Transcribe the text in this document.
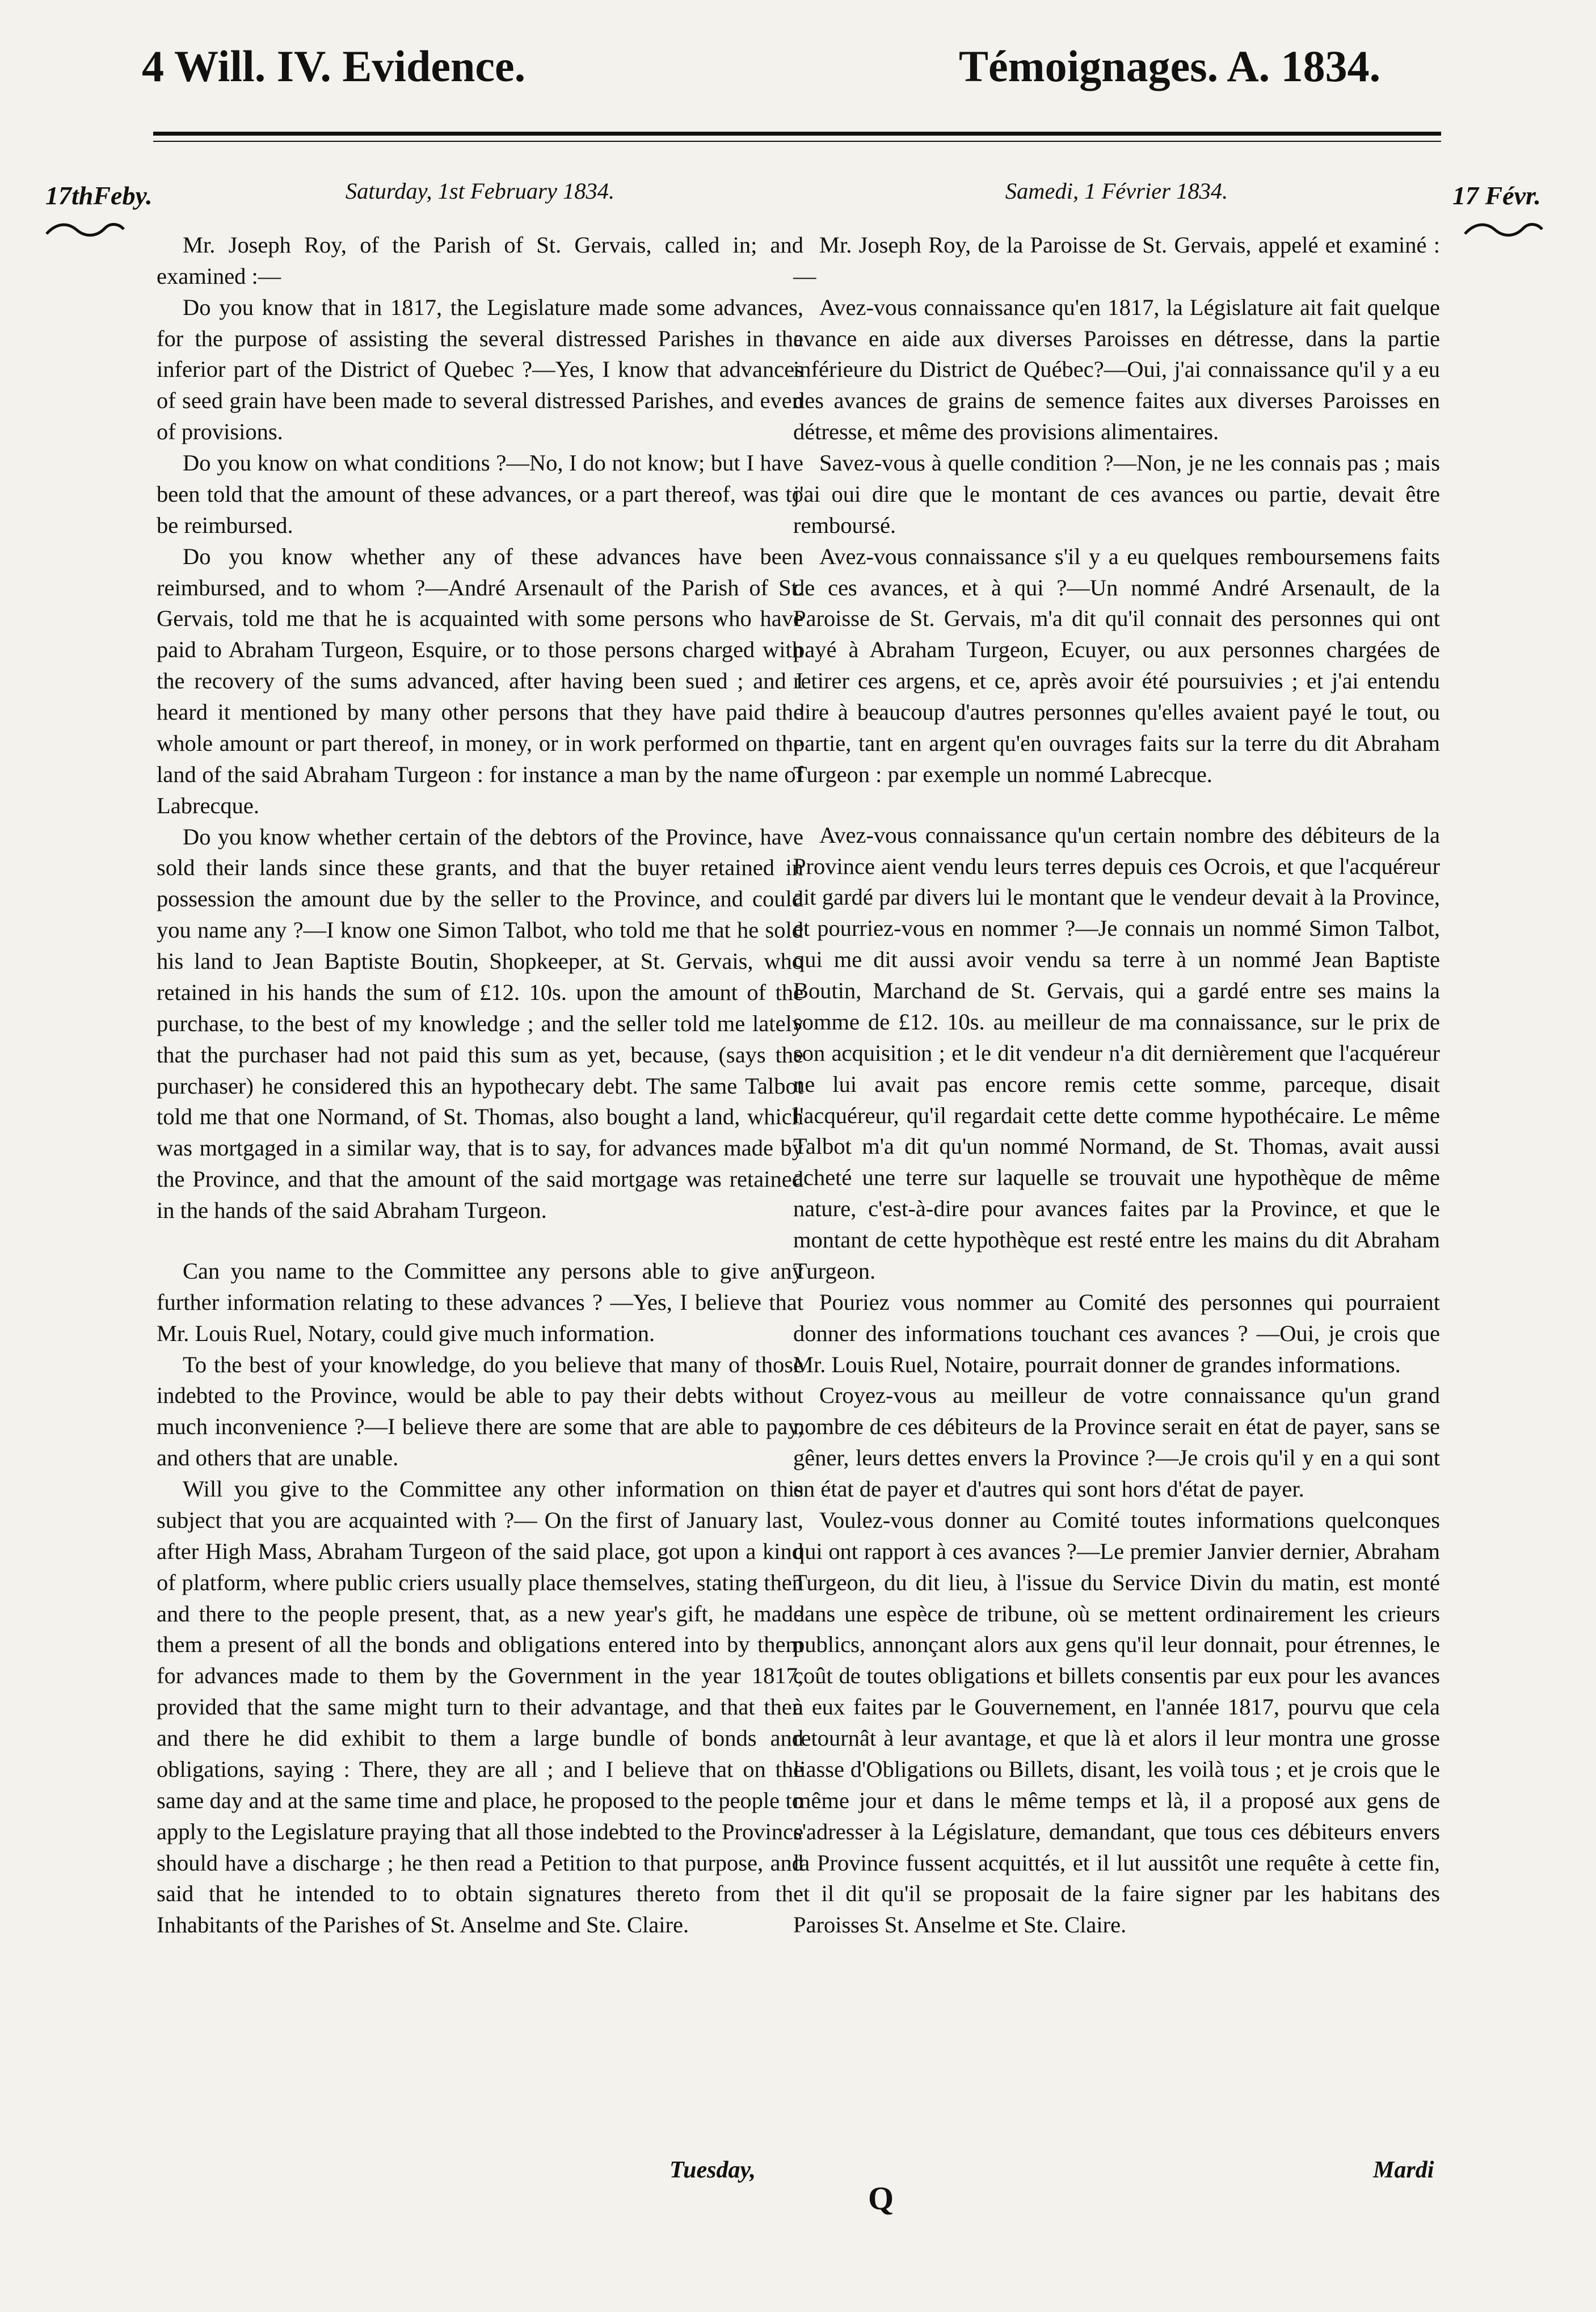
4 Will. IV. Evidence.	Témoignages. A. 1834.
17thFeby.	17 Févr.

Saturday, 1st February 1834.

Mr. Joseph Roy, of the Parish of St. Gervais, called in; and examined :—

Do you know that in 1817, the Legislature made some advances, for the purpose of assisting the several distressed Parishes in the inferior part of the District of Quebec ?—Yes, I know that advances of seed grain have been made to several distressed Parishes, and even of provisions.

Do you know on what conditions ?—No, I do not know; but I have been told that the amount of these advances, or a part thereof, was to be reimbursed.

Do you know whether any of these advances have been reimbursed, and to whom ?—André Arsenault of the Parish of St. Gervais, told me that he is acquainted with some persons who have paid to Abraham Turgeon, Esquire, or to those persons charged with the recovery of the sums advanced, after having been sued ; and I heard it mentioned by many other persons that they have paid the whole amount or part thereof, in money, or in work performed on the land of the said Abraham Turgeon : for instance a man by the name of Labrecque.

Do you know whether certain of the debtors of the Province, have sold their lands since these grants, and that the buyer retained in possession the amount due by the seller to the Province, and could you name any ?—I know one Simon Talbot, who told me that he sold his land to Jean Baptiste Boutin, Shopkeeper, at St. Gervais, who retained in his hands the sum of £12. 10s. upon the amount of the purchase, to the best of my knowledge ; and the seller told me lately that the purchaser had not paid this sum as yet, because, (says the purchaser) he considered this an hypothecary debt. The same Talbot told me that one Normand, of St. Thomas, also bought a land, which was mortgaged in a similar way, that is to say, for advances made by the Province, and that the amount of the said mortgage was retained in the hands of the said Abraham Turgeon.

Can you name to the Committee any persons able to give any further information relating to these advances ? —Yes, I believe that Mr. Louis Ruel, Notary, could give much information.

To the best of your knowledge, do you believe that many of those indebted to the Province, would be able to pay their debts without much inconvenience ?—I believe there are some that are able to pay, and others that are unable.

Will you give to the Committee any other information on this subject that you are acquainted with ?— On the first of January last, after High Mass, Abraham Turgeon of the said place, got upon a kind of platform, where public criers usually place themselves, stating then and there to the people present, that, as a new year's gift, he made them a present of all the bonds and obligations entered into by them for advances made to them by the Government in the year 1817, provided that the same might turn to their advantage, and that then and there he did exhibit to them a large bundle of bonds and obligations, saying : There, they are all ; and I believe that on the same day and at the same time and place, he proposed to the people to apply to the Legislature praying that all those indebted to the Province should have a discharge ; he then read a Petition to that purpose, and said that he intended to to obtain signatures thereto from the Inhabitants of the Parishes of St. Anselme and Ste. Claire.

Samedi, 1 Février 1834.

Mr. Joseph Roy, de la Paroisse de St. Gervais, appelé et examiné :—

Avez-vous connaissance qu'en 1817, la Législature ait fait quelque avance en aide aux diverses Paroisses en détresse, dans la partie inférieure du District de Québec?—Oui, j'ai connaissance qu'il y a eu des avances de grains de semence faites aux diverses Paroisses en détresse, et même des provisions alimentaires.

Savez-vous à quelle condition ?—Non, je ne les connais pas ; mais j'ai oui dire que le montant de ces avances ou partie, devait être remboursé.

Avez-vous connaissance s'il y a eu quelques remboursemens faits de ces avances, et à qui ?—Un nommé André Arsenault, de la Paroisse de St. Gervais, m'a dit qu'il connait des personnes qui ont payé à Abraham Turgeon, Ecuyer, ou aux personnes chargées de retirer ces argens, et ce, après avoir été poursuivies ; et j'ai entendu dire à beaucoup d'autres personnes qu'elles avaient payé le tout, ou partie, tant en argent qu'en ouvrages faits sur la terre du dit Abraham Turgeon : par exemple un nommé Labrecque.

Avez-vous connaissance qu'un certain nombre des débiteurs de la Province aient vendu leurs terres depuis ces Ocrois, et que l'acquéreur ait gardé par divers lui le montant que le vendeur devait à la Province, et pourriez-vous en nommer ?—Je connais un nommé Simon Talbot, qui me dit aussi avoir vendu sa terre à un nommé Jean Baptiste Boutin, Marchand de St. Gervais, qui a gardé entre ses mains la somme de £12. 10s. au meilleur de ma connaissance, sur le prix de son acquisition ; et le dit vendeur n'a dit dernièrement que l'acquéreur ne lui avait pas encore remis cette somme, parceque, disait l'acquéreur, qu'il regardait cette dette comme hypothécaire. Le même Talbot m'a dit qu'un nommé Normand, de St. Thomas, avait aussi acheté une terre sur laquelle se trouvait une hypothèque de même nature, c'est-à-dire pour avances faites par la Province, et que le montant de cette hypothèque est resté entre les mains du dit Abraham Turgeon.

Pouriez vous nommer au Comité des personnes qui pourraient donner des informations touchant ces avances ? —Oui, je crois que Mr. Louis Ruel, Notaire, pourrait donner de grandes informations.

Croyez-vous au meilleur de votre connaissance qu'un grand nombre de ces débiteurs de la Province serait en état de payer, sans se gêner, leurs dettes envers la Province ?—Je crois qu'il y en a qui sont en état de payer et d'autres qui sont hors d'état de payer.

Voulez-vous donner au Comité toutes informations quelconques qui ont rapport à ces avances ?—Le premier Janvier dernier, Abraham Turgeon, du dit lieu, à l'issue du Service Divin du matin, est monté dans une espèce de tribune, où se mettent ordinairement les crieurs publics, annonçant alors aux gens qu'il leur donnait, pour étrennes, le coût de toutes obligations et billets consentis par eux pour les avances à eux faites par le Gouvernement, en l'année 1817, pourvu que cela retournât à leur avantage, et que là et alors il leur montra une grosse liasse d'Obligations ou Billets, disant, les voilà tous ; et je crois que le même jour et dans le même temps et là, il a proposé aux gens de s'adresser à la Législature, demandant, que tous ces débiteurs envers la Province fussent acquittés, et il lut aussitôt une requête à cette fin, et il dit qu'il se proposait de la faire signer par les habitans des Paroisses St. Anselme et Ste. Claire.

Tuesday,
Q
Mardi
